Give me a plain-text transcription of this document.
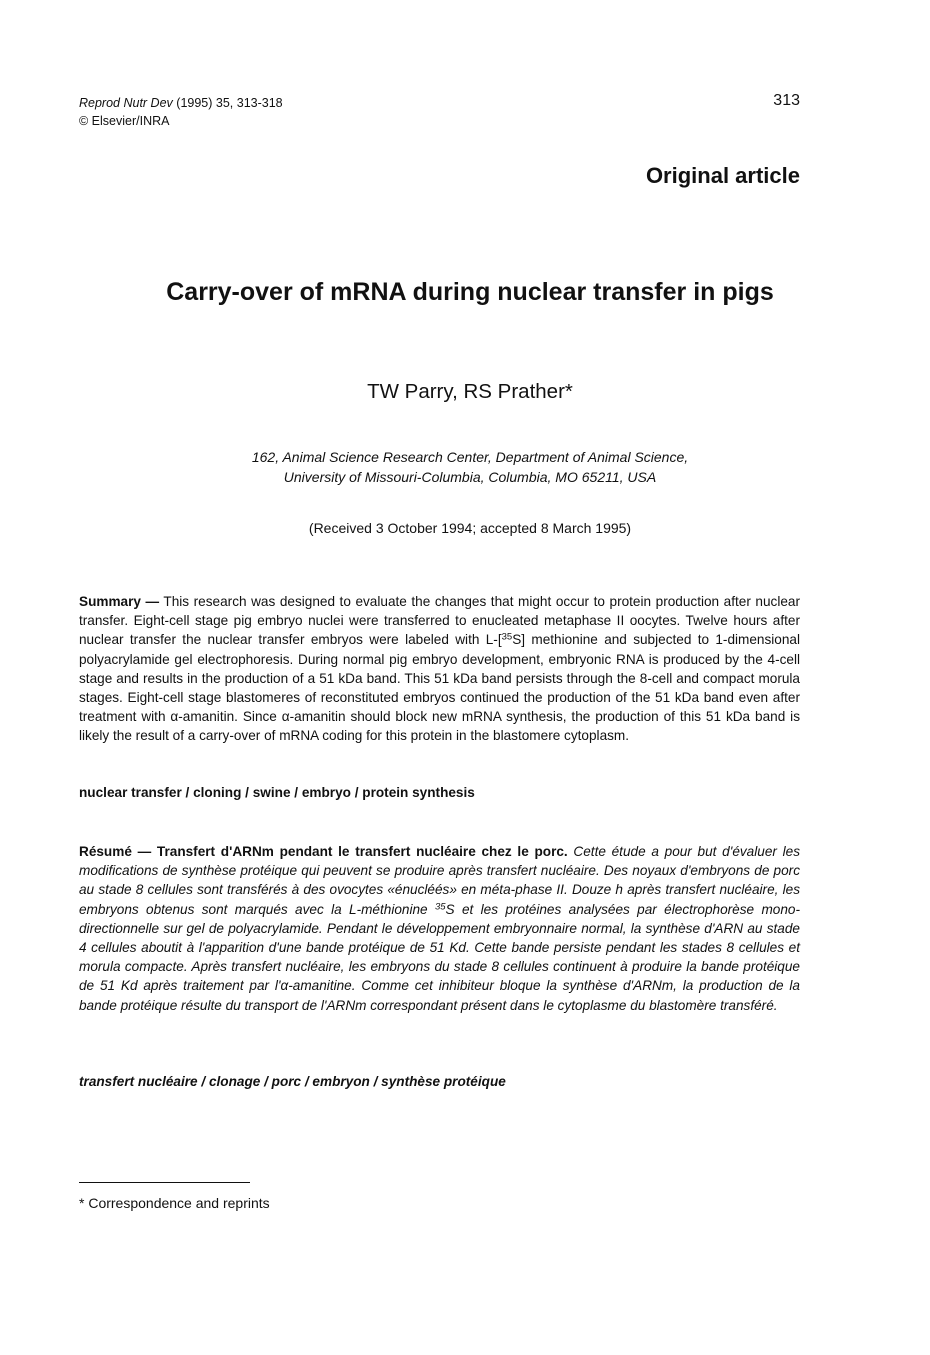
Reprod Nutr Dev (1995) 35, 313-318
© Elsevier/INRA
313
Original article
Carry-over of mRNA during nuclear transfer in pigs
TW Parry, RS Prather*
162, Animal Science Research Center, Department of Animal Science,
University of Missouri-Columbia, Columbia, MO 65211, USA
(Received 3 October 1994; accepted 8 March 1995)
Summary — This research was designed to evaluate the changes that might occur to protein production after nuclear transfer. Eight-cell stage pig embryo nuclei were transferred to enucleated metaphase II oocytes. Twelve hours after nuclear transfer the nuclear transfer embryos were labeled with L-[$^{35}$S] methionine and subjected to 1-dimensional polyacrylamide gel electrophoresis. During normal pig embryo development, embryonic RNA is produced by the 4-cell stage and results in the production of a 51 kDa band. This 51 kDa band persists through the 8-cell and compact morula stages. Eight-cell stage blastomeres of reconstituted embryos continued the production of the 51 kDa band even after treatment with α-amanitin. Since α-amanitin should block new mRNA synthesis, the production of this 51 kDa band is likely the result of a carry-over of mRNA coding for this protein in the blastomere cytoplasm.
nuclear transfer / cloning / swine / embryo / protein synthesis
Résumé — Transfert d'ARNm pendant le transfert nucléaire chez le porc. Cette étude a pour but d'évaluer les modifications de synthèse protéique qui peuvent se produire après transfert nucléaire. Des noyaux d'embryons de porc au stade 8 cellules sont transférés à des ovocytes «énucléés» en méta-phase II. Douze h après transfert nucléaire, les embryons obtenus sont marqués avec la L-méthionine $^{35}$S et les protéines analysées par électrophorèse mono-directionnelle sur gel de polyacrylamide. Pendant le développement embryonnaire normal, la synthèse d'ARN au stade 4 cellules aboutit à l'apparition d'une bande protéique de 51 Kd. Cette bande persiste pendant les stades 8 cellules et morula compacte. Après transfert nucléaire, les embryons du stade 8 cellules continuent à produire la bande protéique de 51 Kd après traitement par l'α-amanitine. Comme cet inhibiteur bloque la synthèse d'ARNm, la production de la bande protéique résulte du transport de l'ARNm correspondant présent dans le cytoplasme du blastomère transféré.
transfert nucléaire / clonage / porc / embryon / synthèse protéique
* Correspondence and reprints
